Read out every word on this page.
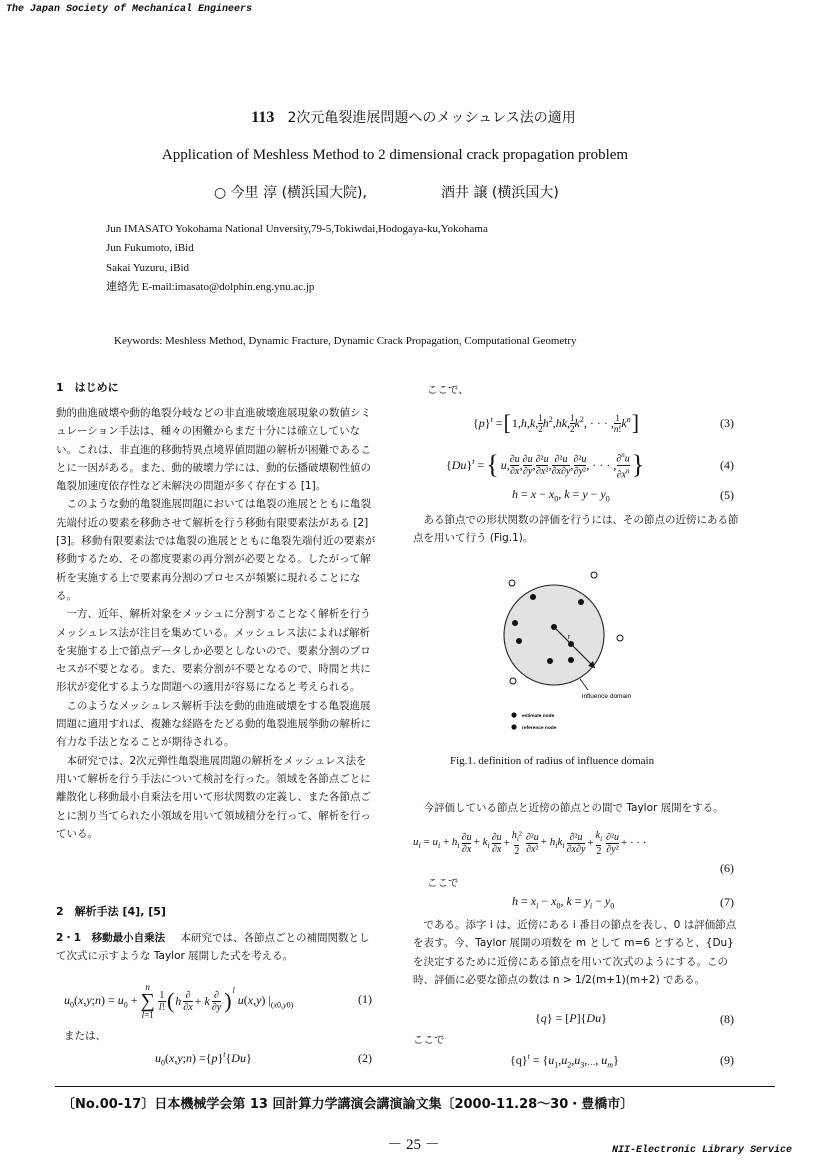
The Japan Society of Mechanical Engineers
113 2次元亀裂進展問題へのメッシュレス法の適用
Application of Meshless Method to 2 dimensional crack propagation problem
○ 今里 淳 (横浜国大院),	酒井 譲 (横浜国大)
Jun IMASATO Yokohama National Unversity,79-5,Tokiwdai,Hodogaya-ku,Yokohama
Jun Fukumoto, iBid
Sakai Yuzuru, iBid
連絡先 E-mail:imasato@dolphin.eng.ynu.ac.jp
Keywords: Meshless Method, Dynamic Fracture, Dynamic Crack Propagation, Computational Geometry
1　はじめに

動的曲進破壊や動的亀裂分岐などの非直進破壊進展現象の数値シミュレーション手法は、種々の困難からまだ十分には確立していない。これは、非直進的移動特異点境界値問題の解析が困難であることに一因がある。また、動的破壊力学には、動的伝播破壊靭性値の亀裂加速度依存性など未解決の問題が多く存在する [1]。

このような動的亀裂進展問題においては亀裂の進展とともに亀裂先端付近の要素を移動させて解析を行う移動有限要素法がある [2] [3]。移動有限要素法では亀裂の進展とともに亀裂先端付近の要素が移動するため、その都度要素の再分割が必要となる。したがって解析を実施する上で要素再分割のプロセスが頻繁に現れることになる。

一方、近年、解析対象をメッシュに分割することなく解析を行うメッシュレス法が注目を集めている。メッシュレス法によれば解析を実施する上で節点データしか必要としないので、要素分割のプロセスが不要となる。また、要素分割が不要となるので、時間と共に形状が変化するような問題への適用が容易になると考えられる。

このようなメッシュレス解析手法を動的曲進破壊をする亀裂進展問題に適用すれば、複雑な経路をたどる動的亀裂進展挙動の解析に有力な手法となることが期待される。

本研究では、2次元弾性亀裂進展問題の解析をメッシュレス法を用いて解析を行う手法について検討を行った。領域を各節点ごとに離散化し移動最小自乗法を用いて形状関数の定義し、また各節点ごとに割り当てられた小領域を用いて領域積分を行って、解析を行っている。

2　解析手法 [4], [5]
2・1　移動最小自乗法 本研究では、各節点ごとの補間関数として次式に示すような Taylor 展開した式を考える。
$u_0(x,y;n) = u_0$ +
n
∑
l=1
1
l! ( h ∂
∂x + k ∂
∂y ) $^l$
u(x,y) $|_{(x0,y0)}$	(1)
または、
$u_0(x,y;n) =\{p\}^t\{Du\}$	(2)
ここで、
$\{p\}^t$ = [ 1,h,k, 1
2 $h^2,hk$, 1
2 $k^2$, · · · , 1
n! $k^n$ ]	(3)
$\{Du\}^t$ = { u, ∂u
∂x , ∂u
∂y , ∂²u
∂x² , ∂²u
∂x∂y , ∂²u
∂y² , · · · , ∂$^n$u
$\partial x^n$ }	(4)
$h = x - x_0$, $k = y - y_0$	(5)

ある節点での形状関数の評価を行うには、その節点の近傍にある節点を用いて行う (Fig.1)。

r
influence domain
estimate node
reference node
Fig.1. definition of radius of influence domain

今評価している節点と近傍の節点との間で Taylor 展開をする。

$u_i = u_i + h_i$
∂u
∂x
+ $k_i$
∂u
$\partial x + \frac{h_i^2}{2} \partial^2u$
∂x²
+ $h_ik_i$
∂²u
$\partial x\partial y + \frac{k_i}{2} \partial^2u$
∂y² + · · ·
(6)
ここで
$h = x_i - x_0$, $k = y_i - y_0$	(7)

である。添字 i は、近傍にある i 番目の節点を表し、0 は評価節点を表す。今、Taylor 展開の項数を m として m=6 とすると、{Du} を決定するために近傍にある節点を用いて次式のようにする。この時、評価に必要な節点の数は n > 1/2(m+1)(m+2) である。

{q} = [P]{Du}	(8)
ここで
$\{q\}^t = \{u_1,u_2,u_3,_{\cdot\cdot\cdot}$, $u_m$}	(9)
〔No.00-17〕日本機械学会第 13 回計算力学講演会講演論文集〔2000-11.28〜30・豊橋市〕
－ 25 －	NII-Electronic Library Service
